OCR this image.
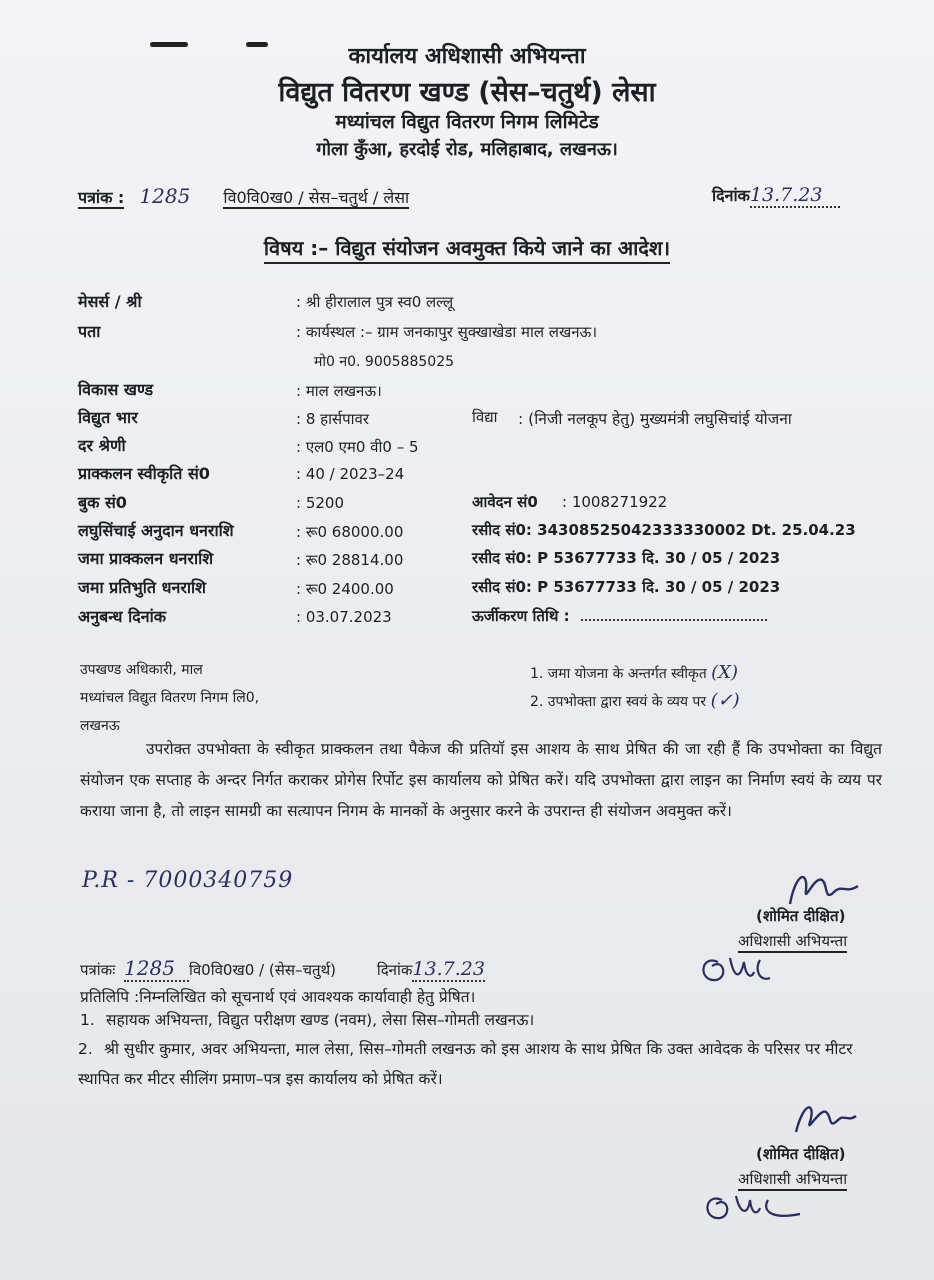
कार्यालय अधिशासी अभियन्ता
विद्युत वितरण खण्ड (सेस–चतुर्थ) लेसा
मध्यांचल विद्युत वितरण निगम लिमिटेड
गोला कुँआ, हरदोई रोड, मलिहाबाद, लखनऊ।
पत्रांक : 1285 वि0वि0ख0 / सेस–चतुर्थ / लेसा	दिनांक13.7.23
विषय :– विद्युत संयोजन अवमुक्त किये जाने का आदेश।
मेसर्स / श्री	: श्री हीरालाल पुत्र स्व0 लल्लू
पता	: कार्यस्थल :– ग्राम जनकापुर सुक्खाखेडा माल लखनऊ।
मो0 न0. 9005885025
विकास खण्ड	: माल लखनऊ।
विद्युत भार	: 8 हार्सपावर	विद्या : (निजी नलकूप हेतु) मुख्यमंत्री लघुसिचांई योजना
दर श्रेणी	: एल0 एम0 वी0 – 5
प्राक्कलन स्वीकृति सं0	: 40 / 2023–24
बुक सं0	: 5200	आवेदन सं0 : 1008271922
लघुसिंचाई अनुदान धनराशि	: रू0 68000.00	रसीद सं0: 34308525042333330002 Dt. 25.04.23
जमा प्राक्कलन धनराशि	: रू0 28814.00	रसीद सं0: P 53677733 दि. 30 / 05 / 2023
जमा प्रतिभुति धनराशि	: रू0 2400.00	रसीद सं0: P 53677733 दि. 30 / 05 / 2023
अनुबन्ध दिनांक	: 03.07.2023	ऊर्जीकरण तिथि :
उपखण्ड अधिकारी, माल
मध्यांचल विद्युत वितरण निगम लि0,
लखनऊ
1. जमा योजना के अन्तर्गत स्वीकृत (X)
2. उपभोक्ता द्वारा स्वयं के व्यय पर (✓)
उपरोक्त उपभोक्ता के स्वीकृत प्राक्कलन तथा पैकेज की प्रतियॉ इस आशय के साथ प्रेषित की जा रही हैं कि उपभोक्ता का विद्युत संयोजन एक सप्ताह के अन्दर निर्गत कराकर प्रोगेस रिर्पोट इस कार्यालय को प्रेषित करें। यदि उपभोक्ता द्वारा लाइन का निर्माण स्वयं के व्यय पर कराया जाना है, तो लाइन सामग्री का सत्यापन निगम के मानकों के अनुसार करने के उपरान्त ही संयोजन अवमुक्त करें।
P.R - 7000340759
(शोमित दीक्षित)
अधिशासी अभियन्ता
पत्रांकः 1285 वि0वि0ख0 / (सेस–चतुर्थ)	दिनांक13.7.23
प्रतिलिपि :निम्नलिखित को सूचनार्थ एवं आवश्यक कार्यावाही हेतु प्रेषित।
1. सहायक अभियन्ता, विद्युत परीक्षण खण्ड (नवम), लेसा सिस–गोमती लखनऊ।
2. श्री सुधीर कुमार, अवर अभियन्ता, माल लेसा, सिस–गोमती लखनऊ को इस आशय के साथ प्रेषित कि उक्त आवेदक के परिसर पर मीटर स्थापित कर मीटर सीलिंग प्रमाण–पत्र इस कार्यालय को प्रेषित करें।
(शोमित दीक्षित)
अधिशासी अभियन्ता
